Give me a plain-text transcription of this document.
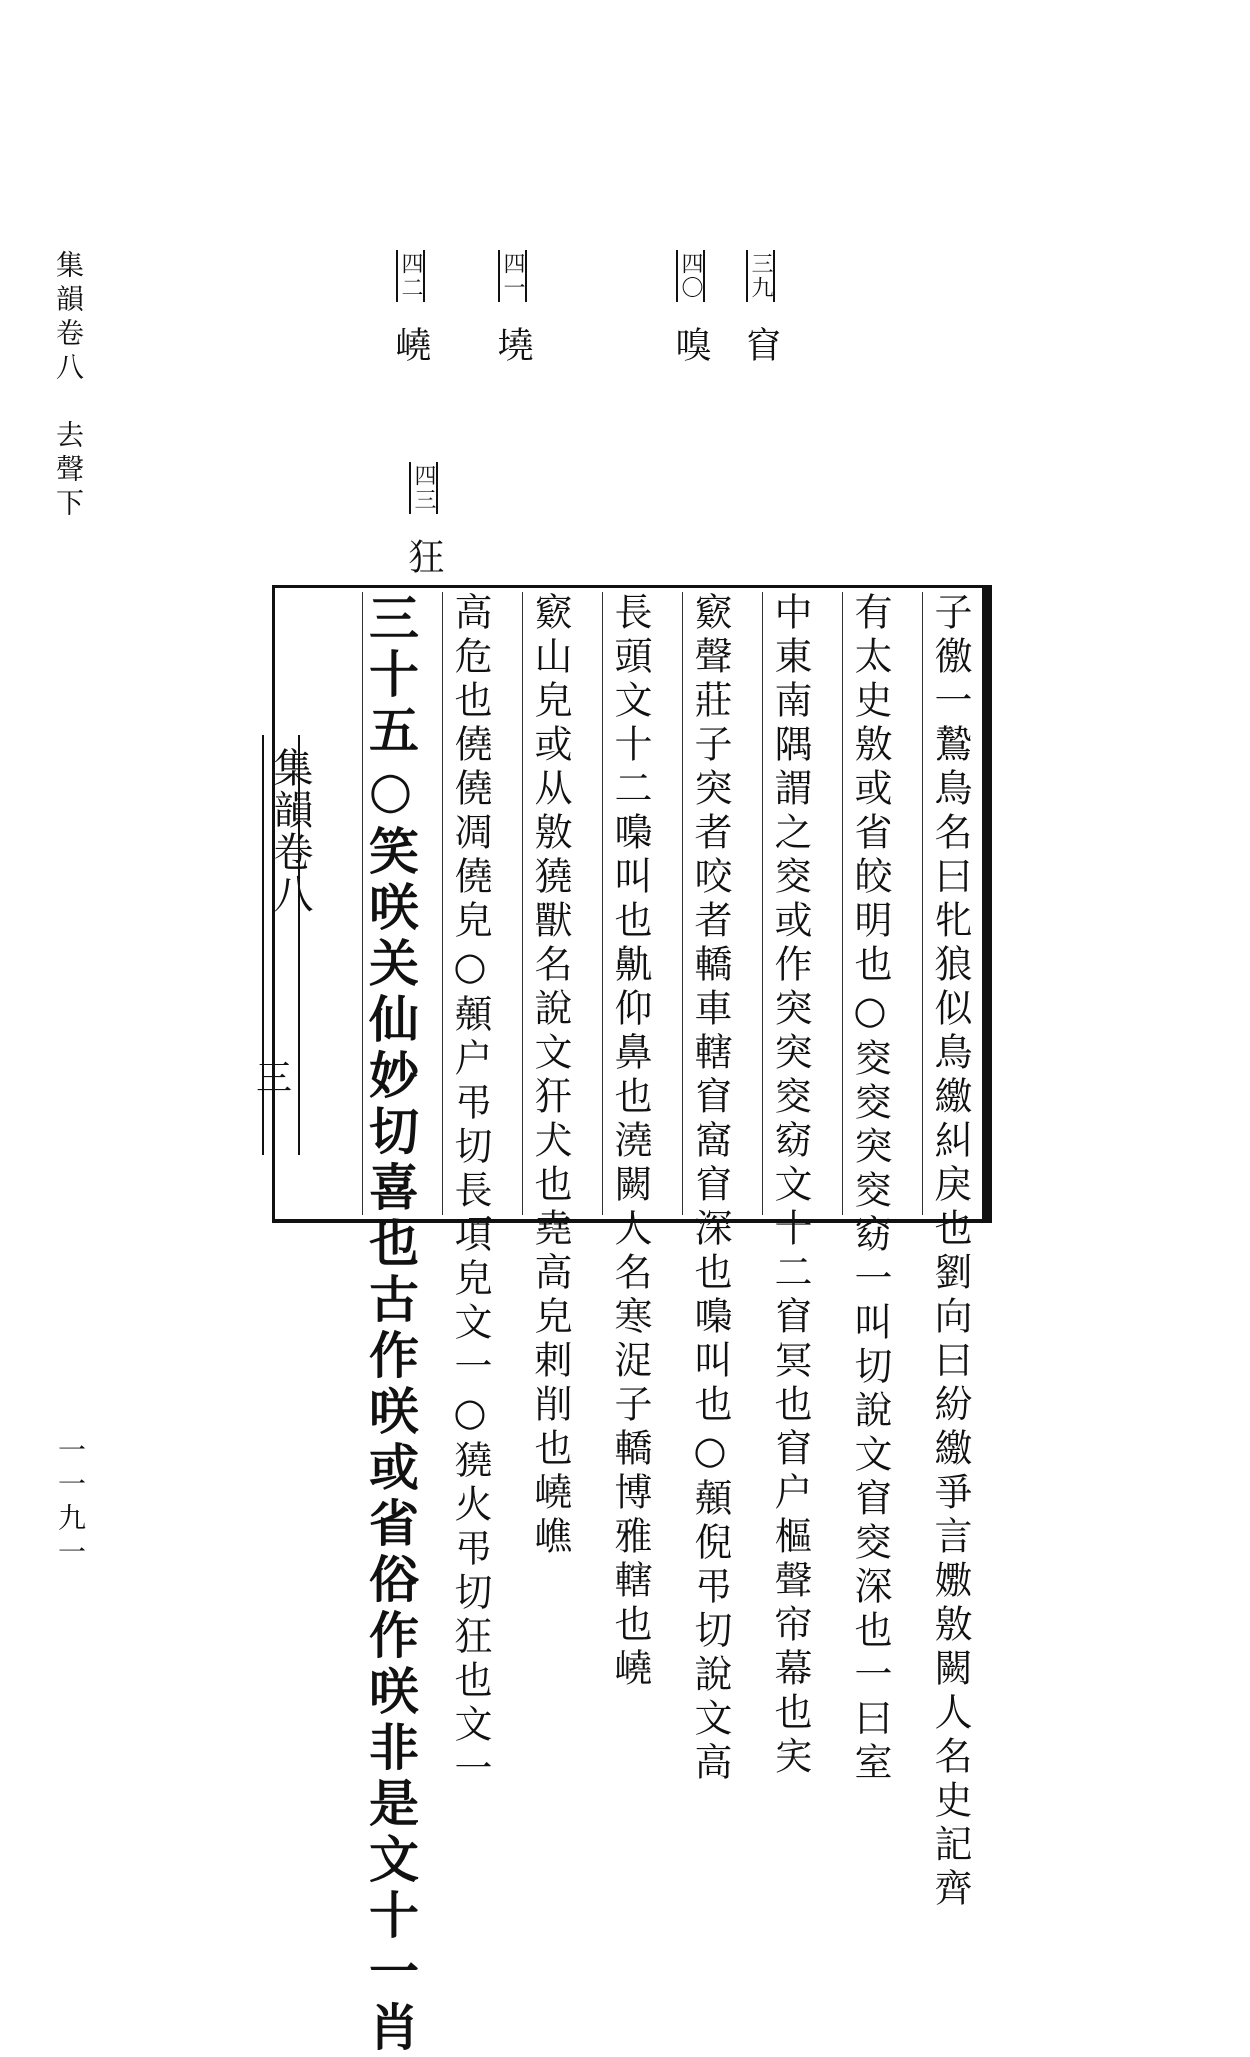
集韻卷八　去聲下
一一九一
三九 窅
四〇 嗅
四一 墝
四二 嶢
四三 狂
集韻卷八
三	子徼一鷙鳥名曰牝狼似鳥繳糾戾也劉向曰紛繳爭言嫐敫闕人名史記齊
有太史敫或省皎明也○窔窔突窔窈一叫切說文窅窔深也一曰室
中東南隅謂之窔或作突突窔窈文十二窅冥也窅户樞聲帘幕也宎
窽聲莊子突者咬者轎車轄窅窩窅深也嘄叫也○顤倪弔切說文高
長頭文十二嘄叫也鼽仰鼻也澆闕人名寒浞子轎博雅轄也嶢
窽山皃或从敫獟獸名說文犴犬也堯高皃剌削也嶢嶕
高危也僥僥凋僥皃○顤户弔切長項皃文一○獟火弔切狂也文一
三十五○笑咲关仙妙切喜也古作咲或省俗作咲非是文十一肖
